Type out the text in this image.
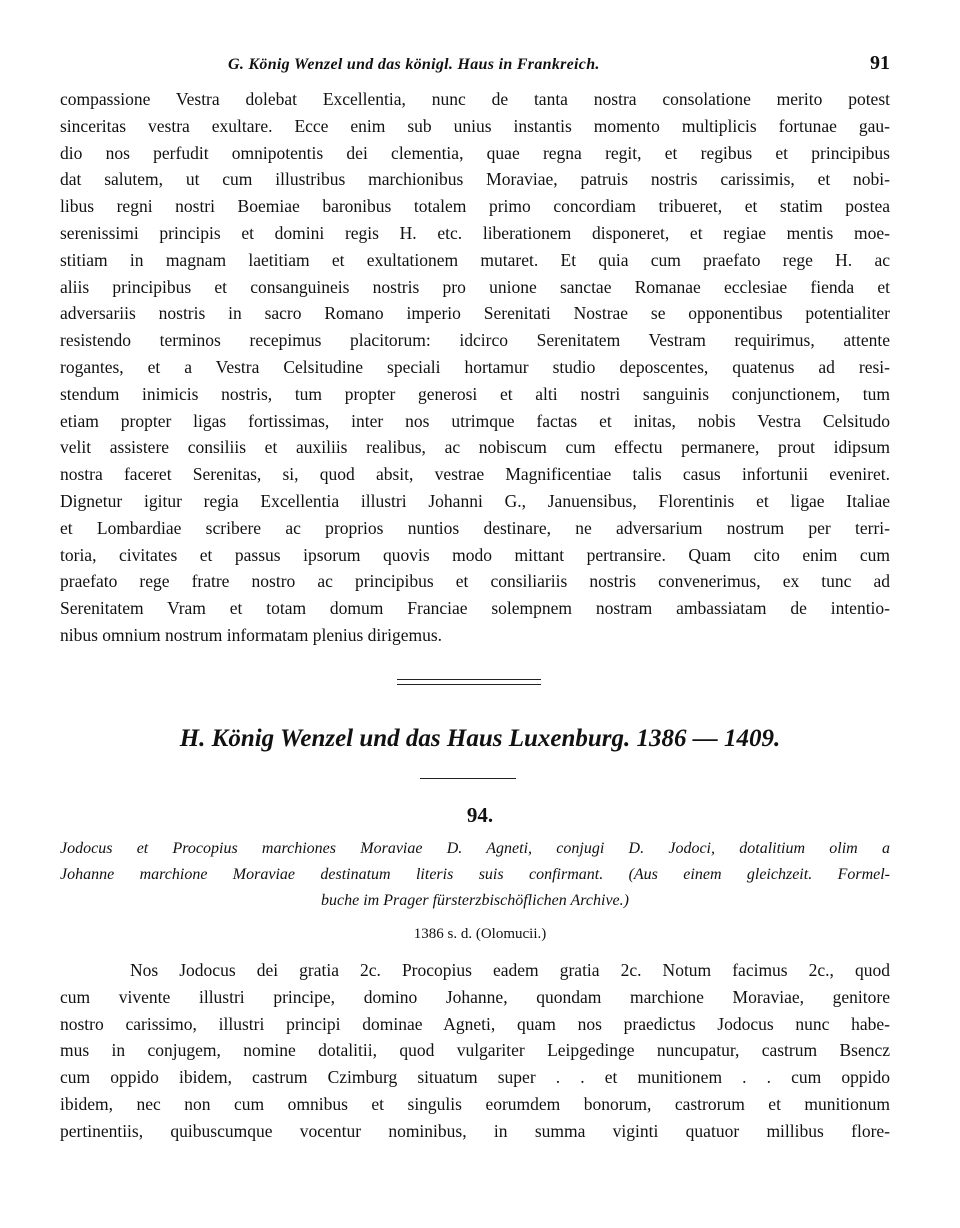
G. König Wenzel und das königl. Haus in Frankreich.	91
compassione Vestra dolebat Excellentia, nunc de tanta nostra consolatione merito potest
sinceritas vestra exultare. Ecce enim sub unius instantis momento multiplicis fortunae gau-
dio nos perfudit omnipotentis dei clementia, quae regna regit, et regibus et principibus
dat salutem, ut cum illustribus marchionibus Moraviae, patruis nostris carissimis, et nobi-
libus regni nostri Boemiae baronibus totalem primo concordiam tribueret, et statim postea
serenissimi principis et domini regis H. etc. liberationem disponeret, et regiae mentis moe-
stitiam in magnam laetitiam et exultationem mutaret. Et quia cum praefato rege H. ac
aliis principibus et consanguineis nostris pro unione sanctae Romanae ecclesiae fienda et
adversariis nostris in sacro Romano imperio Serenitati Nostrae se opponentibus potentialiter
resistendo terminos recepimus placitorum: idcirco Serenitatem Vestram requirimus, attente
rogantes, et a Vestra Celsitudine speciali hortamur studio deposcentes, quatenus ad resi-
stendum inimicis nostris, tum propter generosi et alti nostri sanguinis conjunctionem, tum
etiam propter ligas fortissimas, inter nos utrimque factas et initas, nobis Vestra Celsitudo
velit assistere consiliis et auxiliis realibus, ac nobiscum cum effectu permanere, prout idipsum
nostra faceret Serenitas, si, quod absit, vestrae Magnificentiae talis casus infortunii eveniret.
Dignetur igitur regia Excellentia illustri Johanni G., Januensibus, Florentinis et ligae Italiae
et Lombardiae scribere ac proprios nuntios destinare, ne adversarium nostrum per terri-
toria, civitates et passus ipsorum quovis modo mittant pertransire. Quam cito enim cum
praefato rege fratre nostro ac principibus et consiliariis nostris convenerimus, ex tunc ad
Serenitatem Vram et totam domum Franciae solempnem nostram ambassiatam de intentio-
nibus omnium nostrum informatam plenius dirigemus.
H. König Wenzel und das Haus Luxenburg. 1386 — 1409.
94.
Jodocus et Procopius marchiones Moraviae D. Agneti, conjugi D. Jodoci, dotalitium olim a
Johanne marchione Moraviae destinatum literis suis confirmant. (Aus einem gleichzeit. Formel-
buche im Prager fürsterzbischöflichen Archive.)
1386 s. d. (Olomucii.)
Nos Jodocus dei gratia 2c. Procopius eadem gratia 2c. Notum facimus 2c., quod
cum vivente illustri principe, domino Johanne, quondam marchione Moraviae, genitore
nostro carissimo, illustri principi dominae Agneti, quam nos praedictus Jodocus nunc habe-
mus in conjugem, nomine dotalitii, quod vulgariter Leipgedinge nuncupatur, castrum Bsencz
cum oppido ibidem, castrum Czimburg situatum super . . et munitionem . . cum oppido
ibidem, nec non cum omnibus et singulis eorumdem bonorum, castrorum et munitionum
pertinentiis, quibuscumque vocentur nominibus, in summa viginti quatuor millibus flore-
